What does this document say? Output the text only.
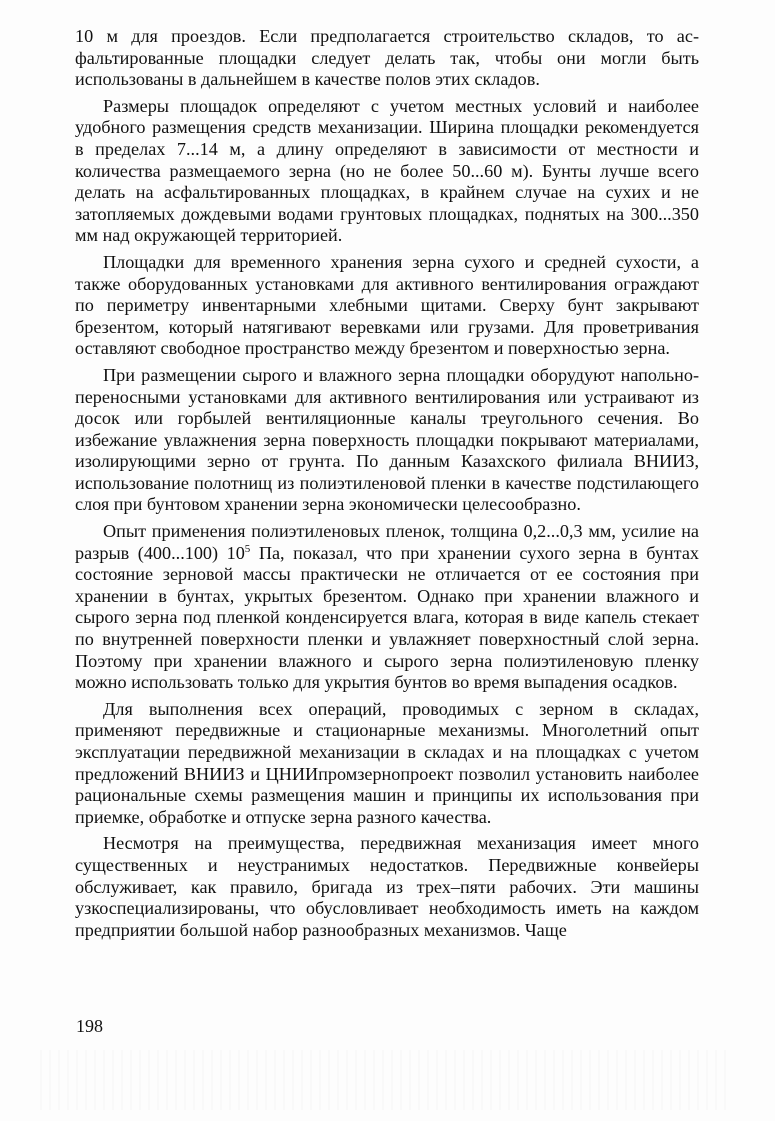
10 м для проездов. Если предполагается строительство складов, то асфальтированные площадки следует делать так, чтобы они могли быть использованы в дальнейшем в качестве полов этих складов.

Размеры площадок определяют с учетом местных условий и наиболее удобного размещения средств механизации. Ширина площадки рекомендуется в пределах 7...14 м, а длину определяют в зависимости от местности и количества размещаемого зерна (но не более 50...60 м). Бунты лучше всего делать на асфальтированных площадках, в крайнем случае на сухих и не затопляемых дождевыми водами грунтовых площадках, поднятых на 300...350 мм над окружающей территорией.

Площадки для временного хранения зерна сухого и средней сухости, а также оборудованных установками для активного вентилирования ограждают по периметру инвентарными хлебными щитами. Сверху бунт закрывают брезентом, который натягивают веревками или грузами. Для проветривания оставляют свободное пространство между брезентом и поверхностью зерна.

При размещении сырого и влажного зерна площадки оборудуют напольно-переносными установками для активного вентилирования или устраивают из досок или горбылей вентиляционные каналы треугольного сечения. Во избежание увлажнения зерна поверхность площадки покрывают материалами, изолирующими зерно от грунта. По данным Казахского филиала ВНИИЗ, использование полотнищ из полиэтиленовой пленки в качестве подстилающего слоя при бунтовом хранении зерна экономически целесообразно.

Опыт применения полиэтиленовых пленок, толщина 0,2...0,3 мм, усилие на разрыв (400...100) $10^5$ Па, показал, что при хранении сухого зерна в бунтах состояние зерновой массы практически не отличается от ее состояния при хранении в бунтах, укрытых брезентом. Однако при хранении влажного и сырого зерна под пленкой конденсируется влага, которая в виде капель стекает по внутренней поверхности пленки и увлажняет поверхностный слой зерна. Поэтому при хранении влажного и сырого зерна полиэтиленовую пленку можно использовать только для укрытия бунтов во время выпадения осадков.

Для выполнения всех операций, проводимых с зерном в складах, применяют передвижные и стационарные механизмы. Многолетний опыт эксплуатации передвижной механизации в складах и на площадках с учетом предложений ВНИИЗ и ЦНИИпромзернопроект позволил установить наиболее рациональные схемы размещения машин и принципы их использования при приемке, обработке и отпуске зерна разного качества.

Несмотря на преимущества, передвижная механизация имеет много существенных и неустранимых недостатков. Передвижные конвейеры обслуживает, как правило, бригада из трех–пяти рабочих. Эти машины узкоспециализированы, что обусловливает необходимость иметь на каждом предприятии большой набор разнообразных механизмов. Чаще

198
